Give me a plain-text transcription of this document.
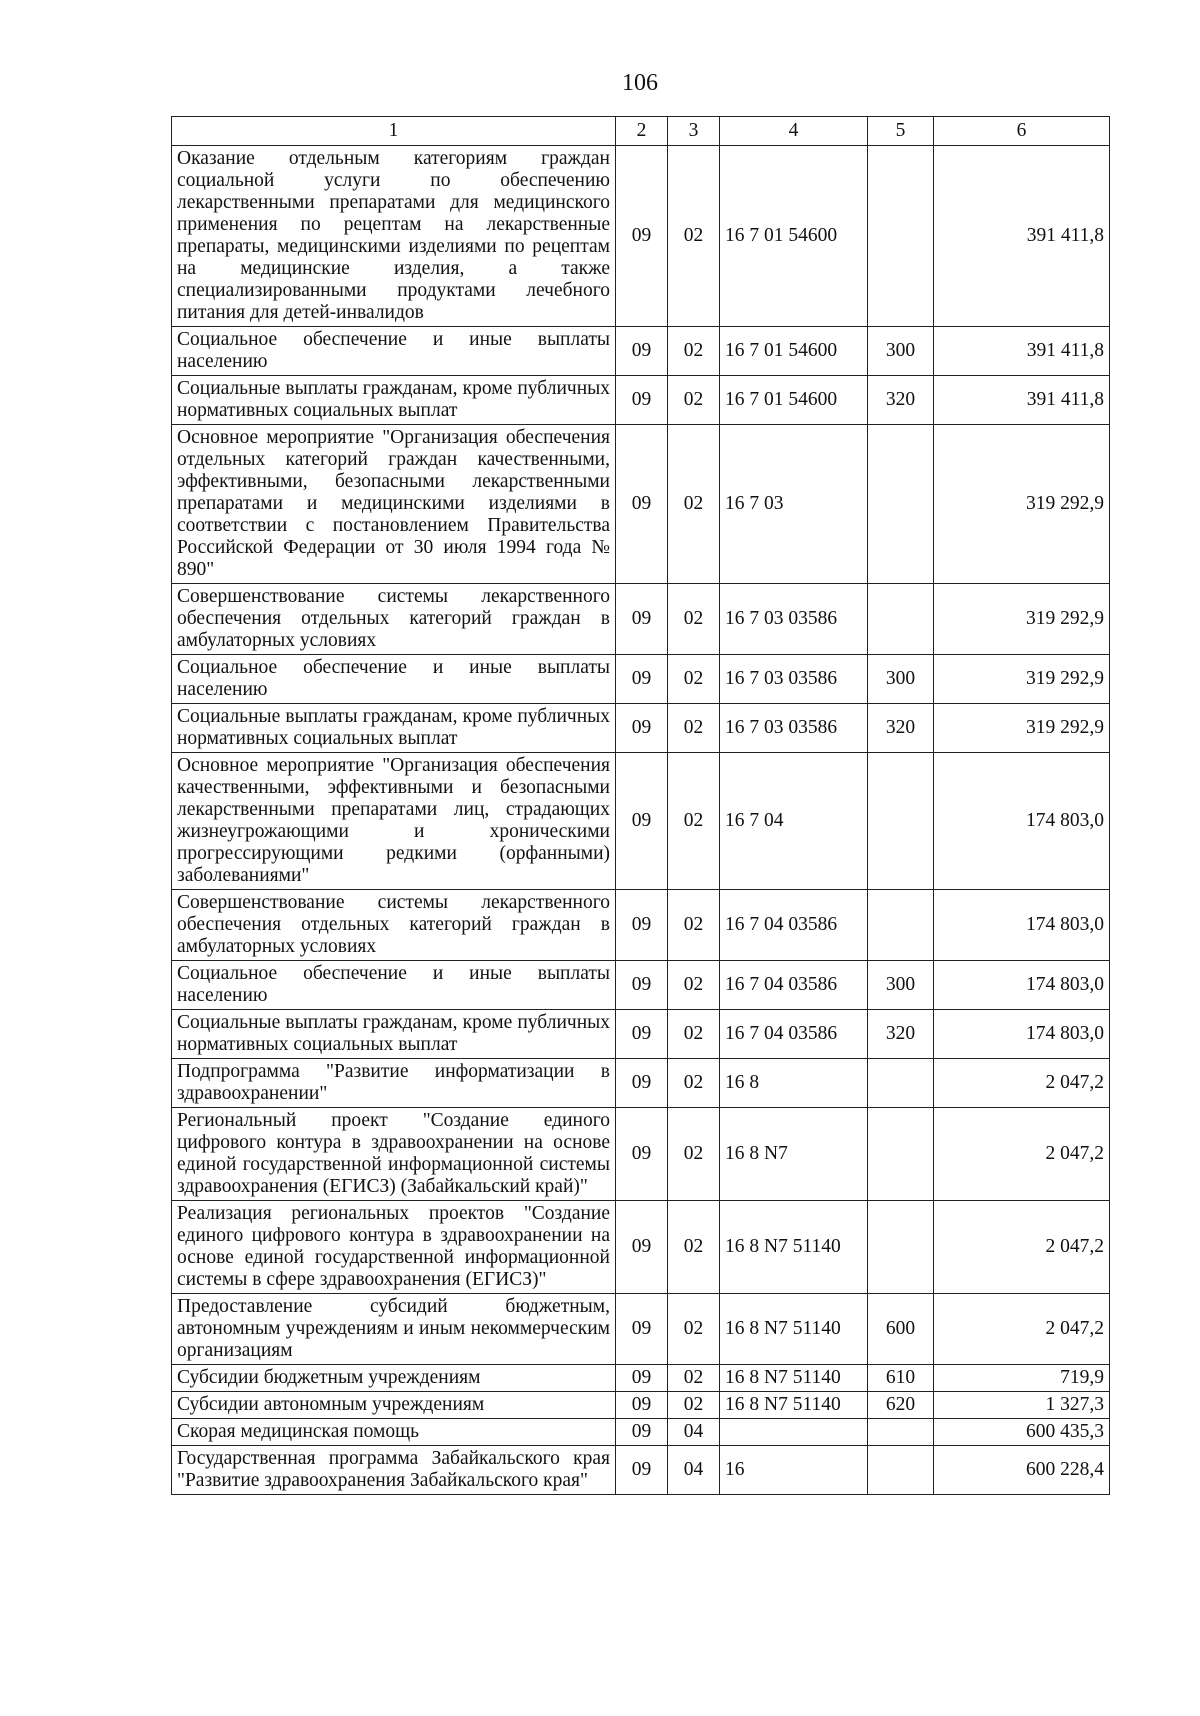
106
1	2	3	4	5	6
Оказание отдельным категориям граждан социальной услуги по обеспечению лекарственными препаратами для медицинского применения по рецептам на лекарственные препараты, медицинскими изделиями по рецептам на медицинские изделия, а также специализированными продуктами лечебного питания для детей-инвалидов	09	02	16 7 01 54600		391 411,8
Социальное обеспечение и иные выплаты населению	09	02	16 7 01 54600	300	391 411,8
Социальные выплаты гражданам, кроме публичных нормативных социальных выплат	09	02	16 7 01 54600	320	391 411,8
Основное мероприятие "Организация обеспечения отдельных категорий граждан качественными, эффективными, безопасными лекарственными препаратами и медицинскими изделиями в соответствии с постановлением Правительства Российской Федерации от 30 июля 1994 года № 890"	09	02	16 7 03		319 292,9
Совершенствование системы лекарственного обеспечения отдельных категорий граждан в амбулаторных условиях	09	02	16 7 03 03586		319 292,9
Социальное обеспечение и иные выплаты населению	09	02	16 7 03 03586	300	319 292,9
Социальные выплаты гражданам, кроме публичных нормативных социальных выплат	09	02	16 7 03 03586	320	319 292,9
Основное мероприятие "Организация обеспечения качественными, эффективными и безопасными лекарственными препаратами лиц, страдающих жизнеугрожающими и хроническими прогрессирующими редкими (орфанными) заболеваниями"	09	02	16 7 04		174 803,0
Совершенствование системы лекарственного обеспечения отдельных категорий граждан в амбулаторных условиях	09	02	16 7 04 03586		174 803,0
Социальное обеспечение и иные выплаты населению	09	02	16 7 04 03586	300	174 803,0
Социальные выплаты гражданам, кроме публичных нормативных социальных выплат	09	02	16 7 04 03586	320	174 803,0
Подпрограмма "Развитие информатизации в здравоохранении"	09	02	16 8		2 047,2
Региональный проект "Создание единого цифрового контура в здравоохранении на основе единой государственной информационной системы здравоохранения (ЕГИСЗ) (Забайкальский край)"	09	02	16 8 N7		2 047,2
Реализация региональных проектов "Создание единого цифрового контура в здравоохранении на основе единой государственной информационной системы в сфере здравоохранения (ЕГИСЗ)"	09	02	16 8 N7 51140		2 047,2
Предоставление субсидий бюджетным, автономным учреждениям и иным некоммерческим организациям	09	02	16 8 N7 51140	600	2 047,2
Субсидии бюджетным учреждениям	09	02	16 8 N7 51140	610	719,9
Субсидии автономным учреждениям	09	02	16 8 N7 51140	620	1 327,3
Скорая медицинская помощь	09	04			600 435,3
Государственная программа Забайкальского края "Развитие здравоохранения Забайкальского края"	09	04	16		600 228,4
